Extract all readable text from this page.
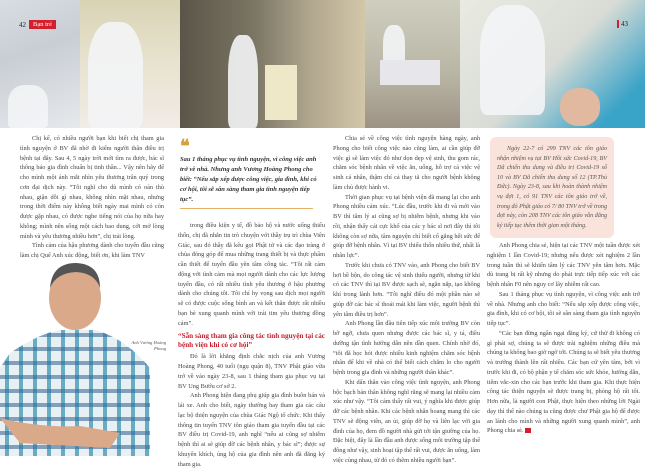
42	Bạn trẻ	43

Chị kể, có nhiều người bạn khi biết chị tham gia tình nguyện ở BV đã nhờ đi kiếm người thân điều trị bệnh tại đây. Sau 4, 5 ngày trời mới tìm ra được, bác sĩ thông báo gia đình chuẩn bị tinh thần... Vậy nên hãy để cho mình một ánh mắt nhìn yêu thương trân quý trong cơn đại dịch này. “Tôi nghĩ cho dù mình có oán thù nhau, giận dỗi gì nhau, không nhìn mặt nhau, nhưng trong thời điểm này không biết ngày mai mình có còn được gặp nhau, có được nghe tiếng nói của họ nữa hay không; mình nên sống một cách bao dung, cởi mở lòng mình và yêu thương nhiều hơn”, chị trải lòng.

Tình cảm của hậu phương dành cho tuyến đầu cũng làm chị Quế Anh xúc động, biết ơn, khi làm TNV

Anh Vương Hoàng Phong
❝
Sau 1 tháng phục vụ tình nguyện, vì công việc anh trở về nhà. Nhưng anh Vương Hoàng Phong cho biết: “Nếu sắp xếp được công việc, gia đình, khi có cơ hội, tôi sẽ sẵn sàng tham gia tình nguyện tiếp tục”.

trong điều kiện y tế, đồ bảo hộ và nước uống thiếu thốn, chị đã nhắn tin trò chuyện với thầy trụ trì chùa Viên Giác, sau đó thầy đã kêu gọi Phật tử và các đạo tràng ở chùa đóng góp để mua những trang thiết bị và thực phẩm cần thiết để tuyến đầu yên tâm công tác. “Tôi rất cảm động với tình cảm mà mọi người dành cho các lực lượng tuyến đầu, có rất nhiều tình yêu thương ở hậu phương dành cho chúng tôi. Tôi chỉ hy vọng sau dịch mọi người sẽ có được cuộc sống bình an và kết thân được rất nhiều bạn bè xung quanh mình với trái tim yêu thương đồng cảm”.

“Sẵn sàng tham gia công tác tình nguyện tại các bệnh viện khi có cơ hội”

Đó là lời khẳng định chắc nịch của anh Vương Hoàng Phong, 40 tuổi (ngụ quận 8), TNV Phật giáo vừa trở về vào ngày 23-8, sau 1 tháng tham gia phục vụ tại BV Ung Bướu cơ sở 2.

Anh Phong hiện đang phụ giúp gia đình buôn bán và lái xe. Anh cho biết, ngày thường hay tham gia các câu lạc bộ thiện nguyện của chùa Giác Ngộ tổ chức. Khi thấy thông tin tuyển TNV tôn giáo tham gia tuyến đầu tại các BV điều trị Covid-19, anh nghĩ “nếu ai cũng sợ nhiễm bệnh thì ai sẽ giúp đỡ các bệnh nhân, y bác sĩ”; được sự khuyến khích, ủng hộ của gia đình nên anh đã đăng ký tham gia.

Chia sẻ về công việc tình nguyện hàng ngày, anh Phong cho biết công việc nào cũng làm, ai cần giúp đỡ việc gì sẽ làm việc đó như dọn dẹp vệ sinh, thu gom rác, chăm sóc bệnh nhân về việc ăn, uống, hỗ trợ cả việc vệ sinh cá nhân, thậm chí cả thay tã cho người bệnh không làm chủ được hành vi.

Thời gian phục vụ tại bệnh viện đã mang lại cho anh Phong nhiều cảm xúc. “Lúc đầu, trước khi đi và mới vào BV thì tâm lý ai cũng sợ bị nhiễm bệnh, nhưng khi vào rồi, nhận thấy cái cực khổ của các y bác sĩ nơi đây thì tôi không còn sợ nữa, tâm nguyện chỉ biết cố gắng hết sức để giúp đỡ bệnh nhân. Vì tại BV thiếu thốn nhiều thứ, nhất là nhân lực”.

Trước khi chưa có TNV vào, anh Phong cho biết BV hơi bề bộn, do công tác vệ sinh thiếu người, nhưng từ khi có các TNV thì tại BV được sạch sẽ, ngăn nắp, tạo không khí trong lành hơn. “Tôi nghĩ điều đó một phần nào sẽ giúp đỡ các bác sĩ thoải mái khi làm việc, người bệnh thì yên tâm điều trị hơn”.

Anh Phong lần đầu tiên tiếp xúc môi trường BV còn bỡ ngỡ, chưa quen nhưng được các bác sĩ, y tá, điều dưỡng tận tình hướng dẫn nên dần quen. Chính nhờ đó, “tôi đã học hỏi được nhiều kinh nghiệm chăm sóc bệnh nhân để khi về nhà có thể biết cách chăm lo cho người bệnh trong gia đình và những người thân khác”.

Khi dấn thân vào công việc tình nguyện, anh Phong bộc bạch bản thân không nghĩ rằng sẽ mang lại nhiều cảm xúc như vậy. “Tôi cảm thấy rất vui, ý nghĩa khi được giúp đỡ các bệnh nhân. Khi các bệnh nhân hoang mang thì các TNV sẽ động viên, an ủi, giúp đỡ họ và liên lạc với gia đình của họ, đem đồ người nhà gửi tới tận giường của họ. Đặc biệt, đây là lần đầu anh được sống môi trường tập thể đông như vậy, sinh hoạt tập thể rất vui, được ăn uống, làm việc cùng nhau, từ đó có thêm nhiều người bạn”.

Ngày 22-7 có 299 TNV các tôn giáo nhận nhiệm vụ tại BV Hồi sức Covid-19, BV Dã chiến thu dung và điều trị Covid-19 số 10 và BV Dã chiến thu dung số 12 (TP.Thủ Đức). Ngày 23-8, sau khi hoàn thành nhiệm vụ đợt 1, có 91 TNV các tôn giáo trở về, trong đó Phật giáo có 7/ 80 TNV trở về trong đợt này, còn 208 TNV các tôn giáo vẫn đăng ký tiếp tục thêm thời gian một tháng.

Anh Phong chia sẻ, hiện tại các TNV một tuần được xét nghiệm 1 lần Covid-19; nhưng nếu được xét nghiệm 2 lần trong tuần thì sẽ khiến tâm lý các TNV yên tâm hơn. Mặc dù trang bị rất kỹ nhưng do phải trực tiếp tiếp xúc với các bệnh nhân F0 nên nguy cơ lây nhiễm rất cao.

Sau 1 tháng phục vụ tình nguyện, vì công việc anh trở về nhà. Nhưng anh cho biết: “Nếu sắp xếp được công việc, gia đình, khi có cơ hội, tôi sẽ sẵn sàng tham gia tình nguyện tiếp tục”.

“Các bạn đừng ngần ngại đăng ký, cứ thử đi không có gì phải sợ, chúng ta sẽ được trải nghiệm những điều mà chúng ta không bao giờ ngờ tới. Chúng ta sẽ biết yêu thương và trưởng thành lên rất nhiều. Các bạn cứ yên tâm, bởi vì trước khi đi, có bộ phận y tế chăm sóc sức khỏe, hướng dẫn, tiêm vắc-xin cho các bạn trước khi tham gia. Khi thực hiện công tác thiện nguyện sẽ được trang bị, phòng hộ rất tốt. Hơn nữa, là người con Phật, thực hiện theo những lời Ngài dạy thì thế nào chúng ta cũng được chư Phật gia hộ để được an lành cho mình và những người xung quanh mình”, anh Phong chia sẻ.
